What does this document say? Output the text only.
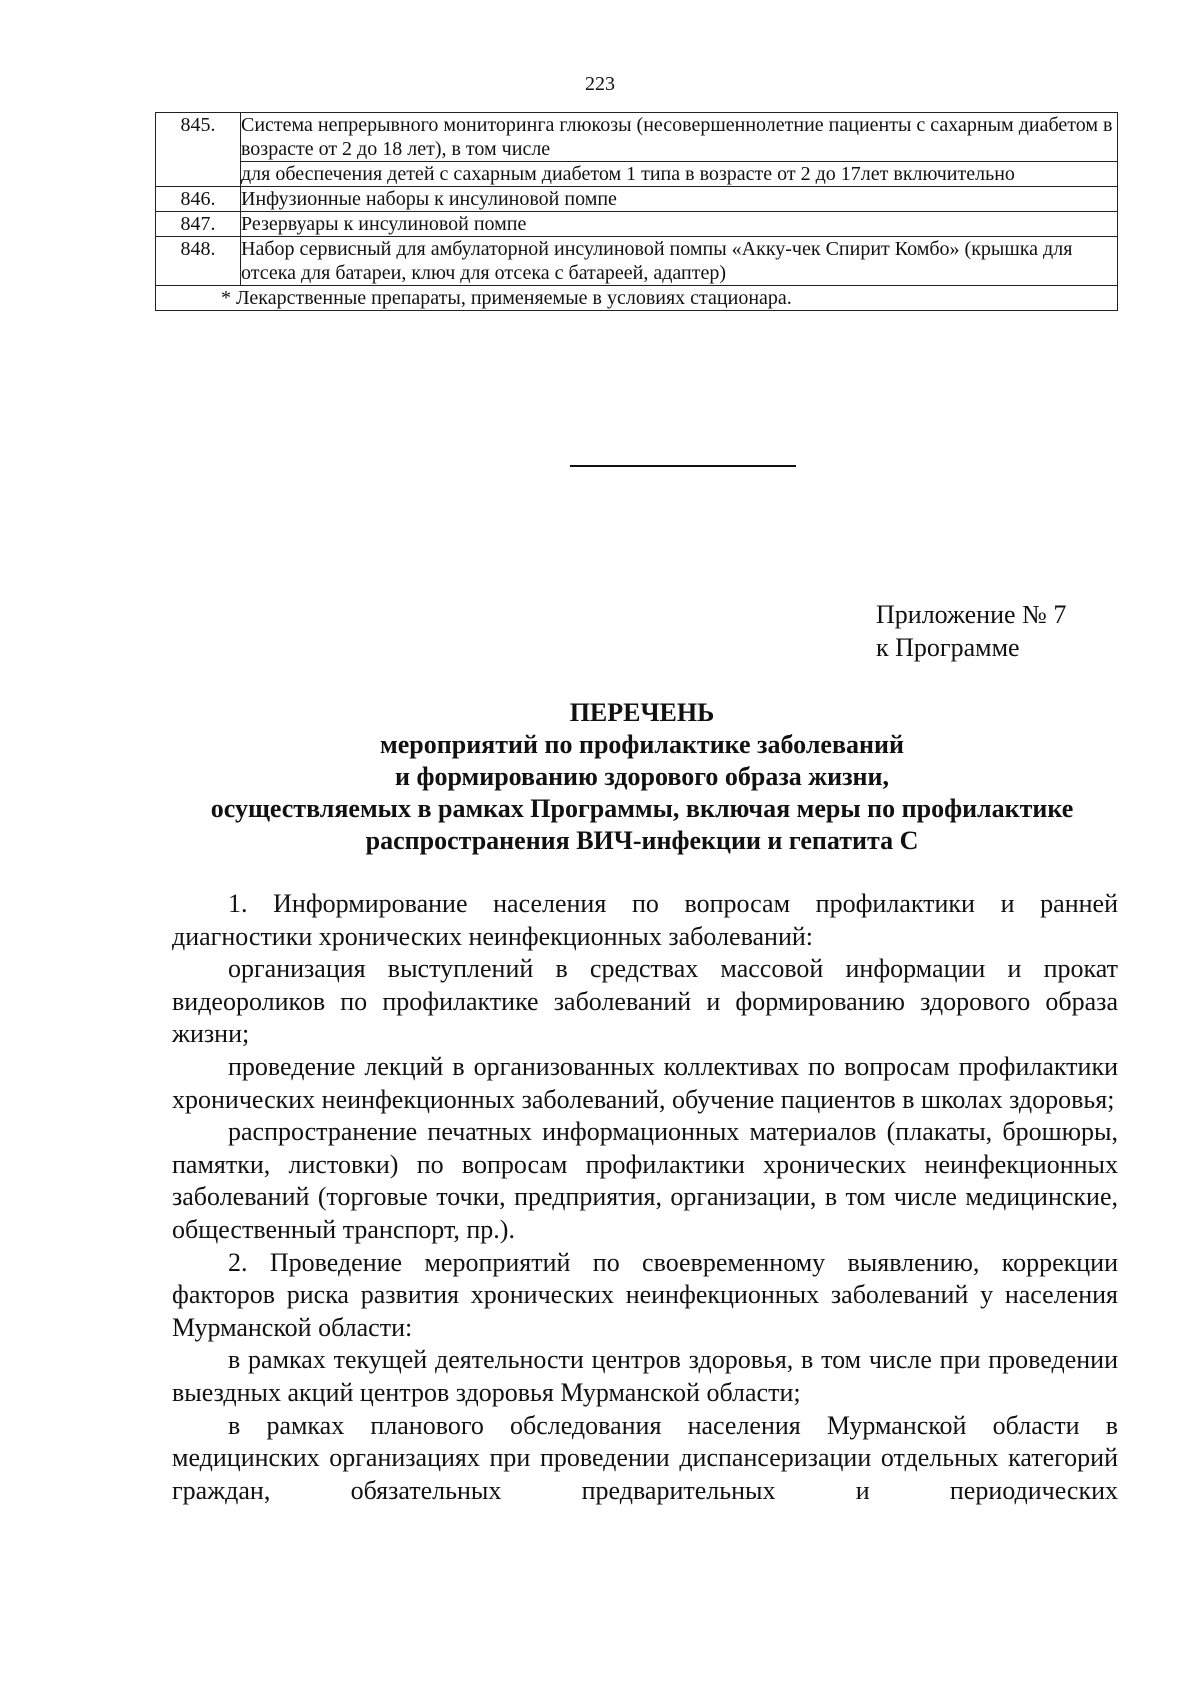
223
845.	Система непрерывного мониторинга глюкозы (несовершеннолетние пациенты с сахарным диабетом в возрасте от 2 до 18 лет), в том числе
	для обеспечения детей с сахарным диабетом 1 типа в возрасте от 2 до 17лет включительно
846.	Инфузионные наборы к инсулиновой помпе
847.	Резервуары к инсулиновой помпе
848.	Набор сервисный для амбулаторной инсулиновой помпы «Акку-чек Спирит Комбо» (крышка для отсека для батареи, ключ для отсека с батареей, адаптер)
* Лекарственные препараты, применяемые в условиях стационара.	
Приложение № 7
к Программе
ПЕРЕЧЕНЬ
мероприятий по профилактике заболеваний
и формированию здорового образа жизни,
осуществляемых в рамках Программы, включая меры по профилактике
распространения ВИЧ-инфекции и гепатита С

1. Информирование населения по вопросам профилактики и ранней диагностики хронических неинфекционных заболеваний:

организация выступлений в средствах массовой информации и прокат видеороликов по профилактике заболеваний и формированию здорового образа жизни;

проведение лекций в организованных коллективах по вопросам профилактики хронических неинфекционных заболеваний, обучение пациентов в школах здоровья;

распространение печатных информационных материалов (плакаты, брошюры, памятки, листовки) по вопросам профилактики хронических неинфекционных заболеваний (торговые точки, предприятия, организации, в том числе медицинские, общественный транспорт, пр.).

2. Проведение мероприятий по своевременному выявлению, коррекции факторов риска развития хронических неинфекционных заболеваний у населения Мурманской области:

в рамках текущей деятельности центров здоровья, в том числе при проведении выездных акций центров здоровья Мурманской области;

в рамках планового обследования населения Мурманской области в медицинских организациях при проведении диспансеризации отдельных категорий граждан, обязательных предварительных и периодических
